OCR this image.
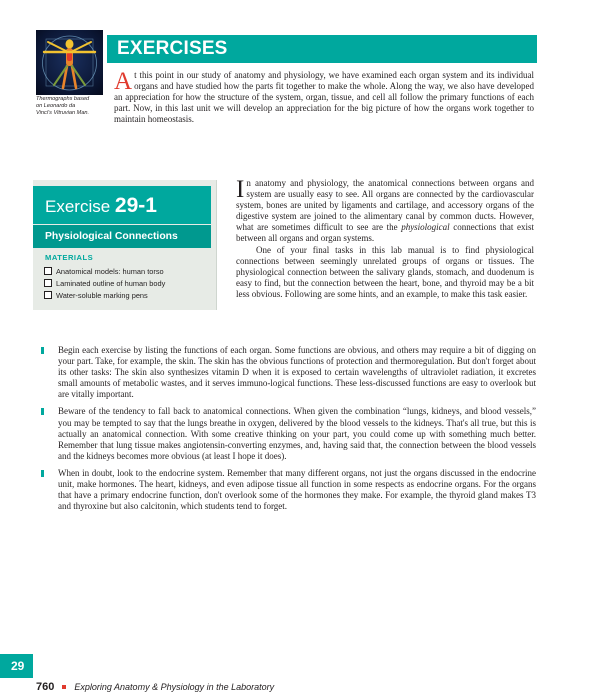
Thermographs based
on Leonardo da
Vinci's Vitruvian Man.
EXERCISES
At this point in our study of anatomy and physiology, we have examined each organ system and its individual organs and have studied how the parts fit together to make the whole. Along the way, we also have developed an appreciation for how the structure of the system, organ, tissue, and cell all follow the primary functions of each part. Now, in this last unit we will develop an appreciation for the big picture of how the organs work together to maintain homeostasis.
Exercise 29-1
Physiological Connections
MATERIALS
Anatomical models: human torso
Laminated outline of human body
Water-soluble marking pens

In anatomy and physiology, the anatomical connections between organs and system are usually easy to see. All organs are connected by the cardiovascular system, bones are united by ligaments and cartilage, and accessory organs of the digestive system are joined to the alimentary canal by common ducts. However, what are sometimes difficult to see are the physiological connections that exist between all organs and organ systems.

One of your final tasks in this lab manual is to find physiological connections between seemingly unrelated groups of organs or tissues. The physiological connection between the salivary glands, stomach, and duodenum is easy to find, but the connection between the heart, bone, and thyroid may be a bit less obvious. Following are some hints, and an example, to make this task easier.

Begin each exercise by listing the functions of each organ. Some functions are obvious, and others may require a bit of digging on your part. Take, for example, the skin. The skin has the obvious functions of protection and thermoregulation. But don't forget about its other tasks: The skin also synthesizes vitamin D when it is exposed to certain wavelengths of ultraviolet radiation, it excretes small amounts of metabolic wastes, and it serves immuno-logical functions. These less-discussed functions are easy to overlook but are vitally important.
Beware of the tendency to fall back to anatomical connections. When given the combination “lungs, kidneys, and blood vessels,” you may be tempted to say that the lungs breathe in oxygen, delivered by the blood vessels to the kidneys. That's all true, but this is actually an anatomical connection. With some creative thinking on your part, you could come up with something much better. Remember that lung tissue makes angiotensin-converting enzymes, and, having said that, the connection between the blood vessels and the kidneys becomes more obvious (at least I hope it does).
When in doubt, look to the endocrine system. Remember that many different organs, not just the organs discussed in the endocrine unit, make hormones. The heart, kidneys, and even adipose tissue all function in some respects as endocrine organs. For the organs that have a primary endocrine function, don't overlook some of the hormones they make. For example, the thyroid gland makes T3 and thyroxine but also calcitonin, which students tend to forget.
29
760 Exploring Anatomy & Physiology in the Laboratory
